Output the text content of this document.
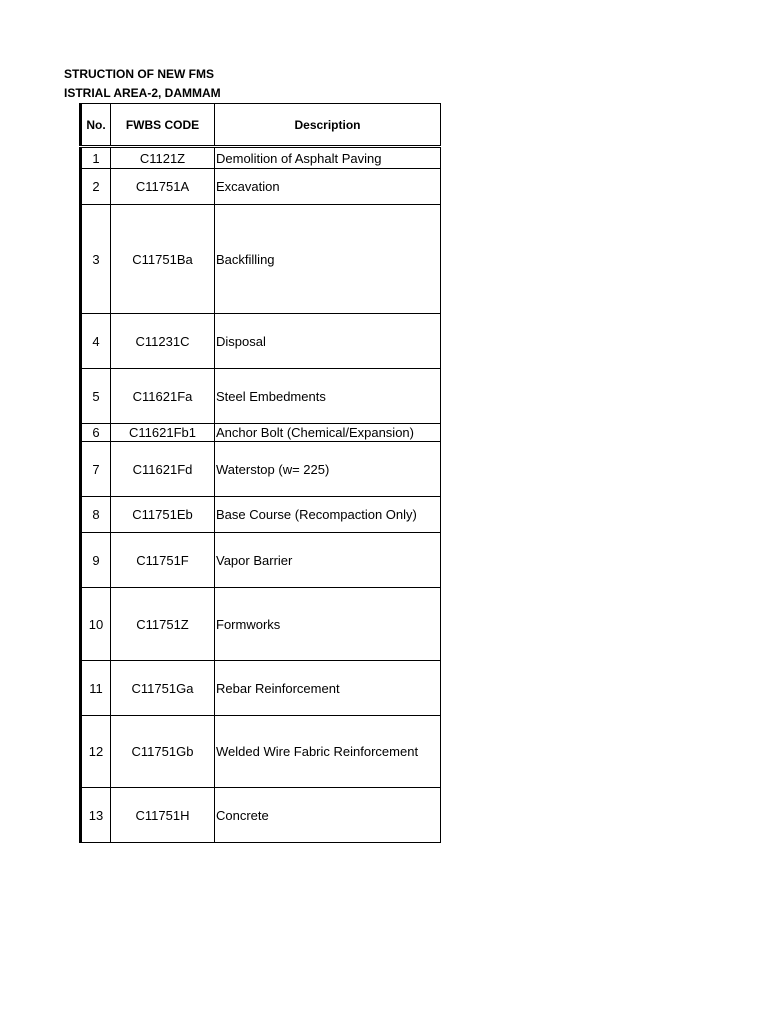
STRUCTION OF NEW FMS
ISTRIAL AREA-2, DAMMAM
No.	FWBS CODE	Description
1	C1121Z	Demolition of Asphalt Paving
2	C11751A	Excavation
3	C11751Ba	Backfilling
4	C11231C	Disposal
5	C11621Fa	Steel Embedments
6	C11621Fb1	Anchor Bolt (Chemical/Expansion)
7	C11621Fd	Waterstop (w= 225)
8	C11751Eb	Base Course (Recompaction Only)
9	C11751F	Vapor Barrier
10	C11751Z	Formworks
11	C11751Ga	Rebar Reinforcement
12	C11751Gb	Welded Wire Fabric Reinforcement
13	C11751H	Concrete
